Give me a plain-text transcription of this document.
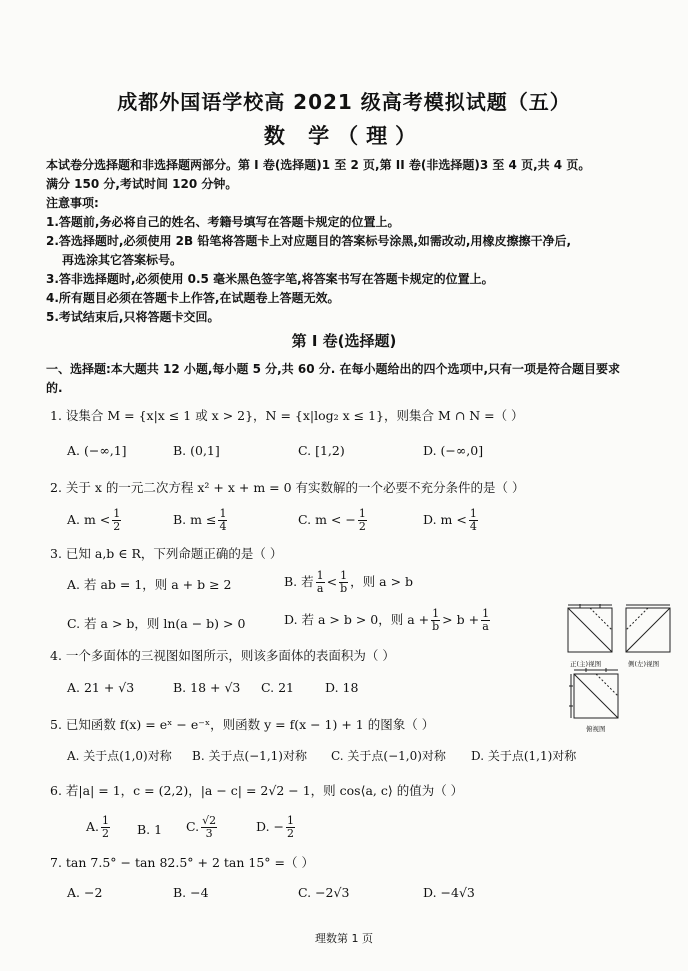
成都外国语学校高 2021 级高考模拟试题（五）
数 学（理）
本试卷分选择题和非选择题两部分。第 I 卷(选择题)1 至 2 页,第 II 卷(非选择题)3 至 4 页,共 4 页。
满分 150 分,考试时间 120 分钟。
注意事项:
1.答题前,务必将自己的姓名、考籍号填写在答题卡规定的位置上。
2.答选择题时,必须使用 2B 铅笔将答题卡上对应题目的答案标号涂黑,如需改动,用橡皮擦擦干净后,
再选涂其它答案标号。
3.答非选择题时,必须使用 0.5 毫米黑色签字笔,将答案书写在答题卡规定的位置上。
4.所有题目必须在答题卡上作答,在试题卷上答题无效。
5.考试结束后,只将答题卡交回。
第 I 卷(选择题)
一、选择题:本大题共 12 小题,每小题 5 分,共 60 分. 在每小题给出的四个选项中,只有一项是符合题目要求
的.
1. 设集合 M = {x|x ≤ 1 或 x > 2}，N = {x|log₂ x ≤ 1}，则集合 M ∩ N =（ ）
A. (−∞,1]	B. (0,1]	C. [1,2)	D. (−∞,0]
2. 关于 x 的一元二次方程 x² + x + m = 0 有实数解的一个必要不充分条件的是（ ）
A. $m < \frac{1}{2}$	B. $m \le \frac{1}{4}$	C. m < − $\frac{1}{2}$	D. $m < \frac{1}{4}$
3. 已知 a,b ∈ R，下列命题正确的是（ ）
A. 若 ab = 1，则 a + b ≥ 2	B. 若 $\frac{1}{a} < \frac{1}{b}$ ，则 a > b
C. 若 a > b，则 ln(a − b) > 0	D. 若 a > b > 0，则 $a + \frac{1}{b} > b + \frac{1}{a}$
4. 一个多面体的三视图如图所示，则该多面体的表面积为（ ）
A. 21 + √3	B. 18 + √3 C. 21 D. 18
正(主)视图	侧(左)视图
俯视图
5. 已知函数 f(x) = eˣ − e⁻ˣ，则函数 y = f(x − 1) + 1 的图象（ ）
A. 关于点(1,0)对称 B. 关于点(−1,1)对称 C. 关于点(−1,0)对称 D. 关于点(1,1)对称
6. 若|a| = 1，c = (2,2)，|a − c| = 2√2 − 1，则 cos⟨a, c⟩ 的值为（ ）
A. $\frac{1}{2} B$. 1 C. $\frac{√2}{3}$	D. − $\frac{1}{2}$
7. tan 7.5° − tan 82.5° + 2 tan 15° =（ ）
A. −2	B. −4	C. −2√3	D. −4√3
理数第 1 页
